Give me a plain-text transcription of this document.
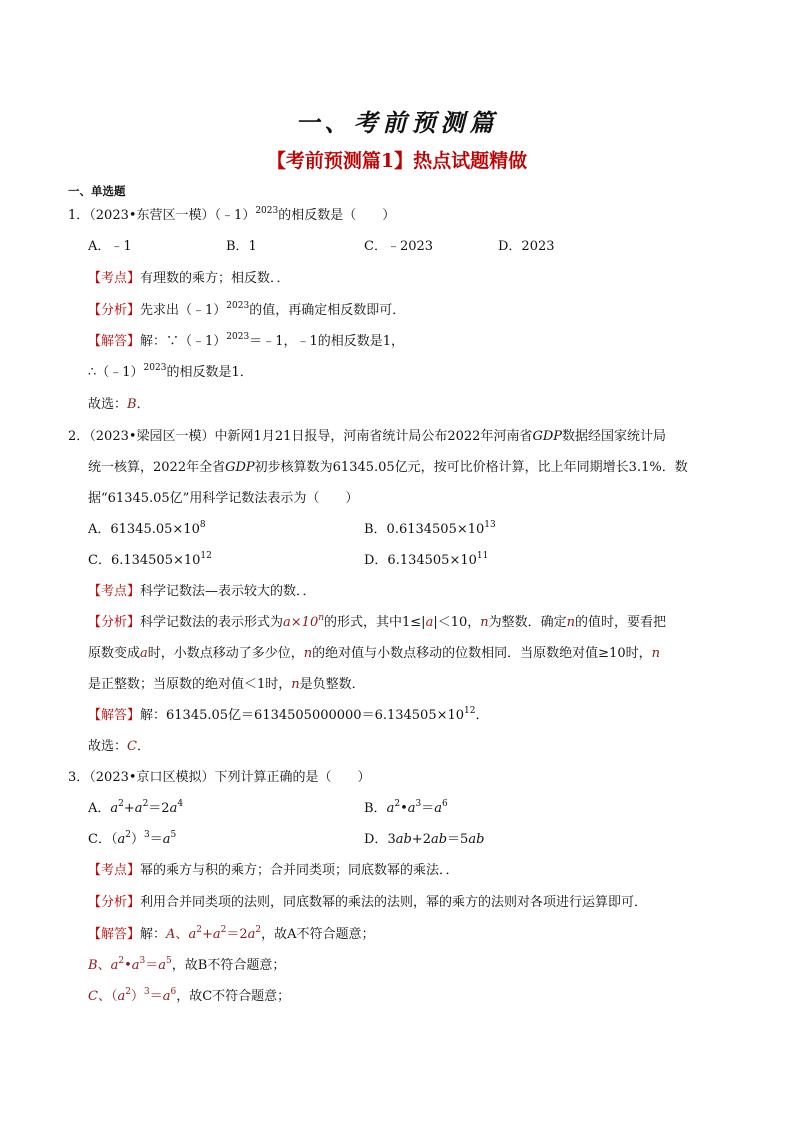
一、考前预测篇
【考前预测篇1】热点试题精做
一、单选题
1．（2023•东营区一模）（﹣1）$^{2023}$的相反数是（　　）
A．﹣1	B．1	C．﹣2023	D．2023
【考点】有理数的乘方；相反数．．
【分析】先求出（﹣1）$^{2023}$的值，再确定相反数即可．
【解答】解：∵（﹣1）$^{2023}$＝﹣1，﹣1的相反数是1，
∴（﹣1）$^{2023}$的相反数是1．
故选：B．
2．（2023•梁园区一模）中新网1月21日报导，河南省统计局公布2022年河南省GDP数据经国家统计局
统一核算，2022年全省GDP初步核算数为61345.05亿元，按可比价格计算，比上年同期增长3.1%．数
据“61345.05亿”用科学记数法表示为（　　）
A．$61345.05\times 10^8$	B．$0.6134505\times 10^{13}$
C．$6.134505\times 10^{12}$	D．$6.134505\times 10^{11}$
【考点】科学记数法—表示较大的数．．
【分析】科学记数法的表示形式为$a\times 10^n$的形式，其中1≤|a|＜10，n为整数．确定n的值时，要看把
原数变成a时，小数点移动了多少位，n的绝对值与小数点移动的位数相同．当原数绝对值≥10时，n
是正整数；当原数的绝对值＜1时，n是负整数．
【解答】解：61345.05亿$=6134505000000=6.134505\times 10^{12}$．
故选：C．
3．（2023•京口区模拟）下列计算正确的是（　　）
A．$a^2+a^2=2a^4$	B．$a^2•a^3=a^6$
C．$(a^2)^3=a^5$	D．3ab+2ab＝5ab
【考点】幂的乘方与积的乘方；合并同类项；同底数幂的乘法．．
【分析】利用合并同类项的法则，同底数幂的乘法的法则，幂的乘方的法则对各项进行运算即可．
【解答】解：A、$a^2+a^2=2a^2$，故A不符合题意；
B、$a^2•a^3=a^5$，故B不符合题意；
C、$(a^2)^3=a^6$，故C不符合题意；
